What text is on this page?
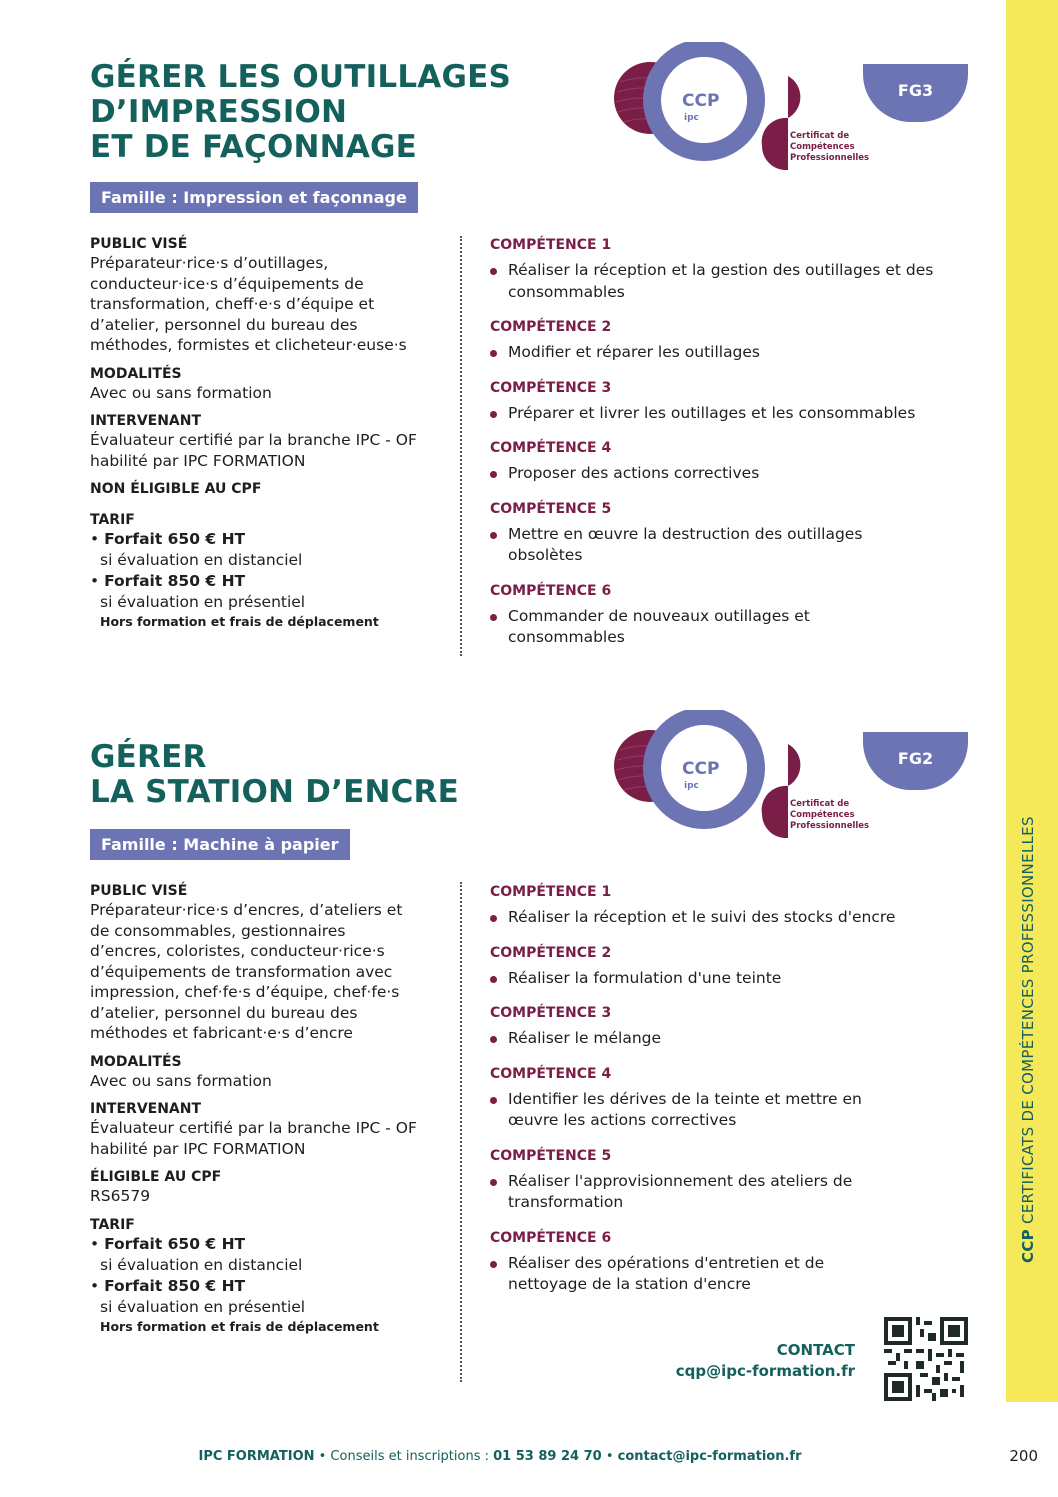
CCP CERTIFICATS DE COMPÉTENCES PROFESSIONNELLES
GÉRER LES OUTILLAGES
D’IMPRESSION
ET DE FAÇONNAGE
CCP
ipc
Certificat de
Compétences
Professionnelles
FG3
Famille : Impression et façonnage

PUBLIC VISÉ

Préparateur·rice·s d’outillages, conducteur·ice·s d’équipements de transformation, cheff·e·s d’équipe et d’atelier, personnel du bureau des méthodes, formistes et clicheteur·euse·s

MODALITÉS

Avec ou sans formation

INTERVENANT

Évaluateur certifié par la branche IPC - OF habilité par IPC FORMATION

NON ÉLIGIBLE AU CPF

TARIF

• Forfait 650 € HT
si évaluation en distanciel
• Forfait 850 € HT
si évaluation en présentiel
Hors formation et frais de déplacement
COMPÉTENCE 1
Réaliser la réception et la gestion des outillages et des consommables
COMPÉTENCE 2
Modifier et réparer les outillages
COMPÉTENCE 3
Préparer et livrer les outillages et les consommables
COMPÉTENCE 4
Proposer des actions correctives
COMPÉTENCE 5
Mettre en œuvre la destruction des outillages obsolètes
COMPÉTENCE 6
Commander de nouveaux outillages et consommables
GÉRER
LA STATION D’ENCRE
CCP
ipc
Certificat de
Compétences
Professionnelles
FG2
Famille : Machine à papier

PUBLIC VISÉ

Préparateur·rice·s d’encres, d’ateliers et de consommables, gestionnaires d’encres, coloristes, conducteur·rice·s d’équipements de transformation avec impression, chef·fe·s d’équipe, chef·fe·s d’atelier, personnel du bureau des méthodes et fabricant·e·s d’encre

MODALITÉS

Avec ou sans formation

INTERVENANT

Évaluateur certifié par la branche IPC - OF habilité par IPC FORMATION

ÉLIGIBLE AU CPF

RS6579

TARIF

• Forfait 650 € HT
si évaluation en distanciel
• Forfait 850 € HT
si évaluation en présentiel
Hors formation et frais de déplacement
COMPÉTENCE 1
Réaliser la réception et le suivi des stocks d'encre
COMPÉTENCE 2
Réaliser la formulation d'une teinte
COMPÉTENCE 3
Réaliser le mélange
COMPÉTENCE 4
Identifier les dérives de la teinte et mettre en œuvre les actions correctives
COMPÉTENCE 5
Réaliser l'approvisionnement des ateliers de transformation
COMPÉTENCE 6
Réaliser des opérations d'entretien et de nettoyage de la station d'encre
CONTACT
cqp@ipc-formation.fr
IPC FORMATION • Conseils et inscriptions : 01 53 89 24 70 • contact@ipc-formation.fr	200
